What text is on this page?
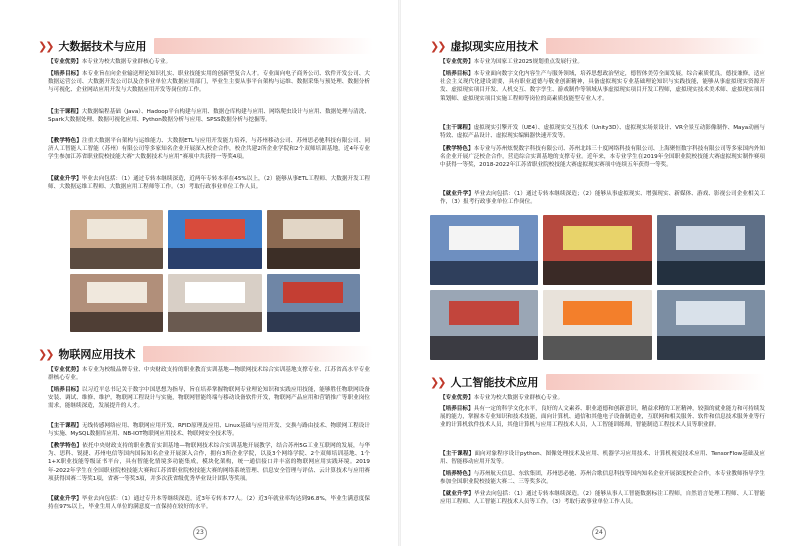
❯❯ 大数据技术与应用
【专业优势】本专业为校大数据专业群核心专业。
【培养目标】本专业旨在向企业输送理论知识扎实、职业技能实用的创新型复合人才。专业面向电子商务公司、软件开发公司、大数据运营公司、大数据开发公司以及企事业单位大数据应用部门，毕业生主要从事平台架构与运维、数据采集与预处理、数据分析与可视化、企业网站应用开发与大数据应用开发等岗位的工作。
【主干课程】大数据编程基础（Java）、Hadoop平台构建与应用、数据仓库构建与应用、网络爬虫设计与应用、数据处理与清洗、Spark大数据处理、数据可视化应用、Python数据分析与应用、SPSS数据分析与挖掘等。
【教学特色】注重大数据平台架构与运维能力、大数据ETL与应用开发能力培养，与苏州移动公司、苏州思必驰科技有限公司、同济人工智能人工智能（苏州）有限公司等多家知名企业开展深入校企合作，校企共建2所企业学院和2个双师培训基地，近4年专业学生参加江苏省职业院校技能大赛“大数据技术与应用”赛项中共获得一等奖4項。
【就业升学】毕业去向包括：（1）通过专转本继续深造，近两年专转本率在45%以上，（2）能够从事ETL工程师、大数据开发工程师、大数据运维工程师、大数据应用工程师等工作。（3）考取行政事业单位工作人员。
❯❯ 物联网应用技术
【专业优势】本专业为校级品牌专业、中央财政支持的职业教育实训基地—物联网技术综合实训基地支撑专业、江苏省高水平专业群核心专业。
【培养目标】以习近平总书记关于数字中国思想为指导，旨在培养掌握物联网专业理论知识和实践应用技能，能够胜任物联网设备安装、调试、维修、维护，物联网工程设计与实施，物联网智能终端与移动设备软件开发，物联网产品应用和营销推广等职业岗位需求，能继续深造，发展提升的人才。
【主干课程】无线传感网络应用、物联网应用开发、RFID原理及应用、Linux基础与应用开发、交换与路由技术、物联网工程设计与实施、MySQL数据库应用、NB-IOT物联网应用技术、物联网安全技术等。
【教学特色】依托中央财政支持的职业教育实训基地—物联网技术综合实训基地开展教学，结合苏州5G工业互联网的发展，与华为、思科、锐捷、苏州电信等国内国际知名企业开展深入合作，拥有3所企业学院，以及3个网络学院、2个双师培训基地、1个1+X职业技能等级证书平台，具有智能化情境多功能集成，模块化架构，统一通信接口并丰富的物联网应用实践环境。2019年-2022年学生在全国职业院校技能大赛和江苏省职业院校技能大赛的网络系统管理、信息安全管理与评估、云计算技术与应用赛项获得国赛二等奖1項，省赛一等奖3項，并多次获省级优秀毕业设计团队等奖项。
【就业升学】毕业去向包括：（1）通过专升本等继续深造，近3年专转本77人。（2）近3年就业率均达到96.8%，毕业生满意度保持在97%以上，毕业生用人单位的满意度一直保持在较好的水平。
23
❯❯ 虚拟现实应用技术
【专业优势】本专业为国家工业2025规划重点发展行业。
【培养目标】本专业面向数字文化内容生产与服务领域，培养思想政治坚定，德智体美劳全面发展，综合素质优良，德技兼修，适应社会主义现代化建设需要，具有职业道德与敬业创新精神，具备虚拟现实专业基础理论知识与实践技能，能够从事虚拟现实资源开发、虚拟现实项目开发、人机交互、数字孪生、游戏制作等领域从事虚拟现实项目开发工程师，虚拟现实技术美术师、虚拟现实项目策划师、虚拟现实项目实施工程师等岗位的高素质技能型专业人才。
【主干课程】虚拟现实引擎开发（UE4）、虚拟现实交互技术（Unity3D）、虚拟现实场景设计、VR全景互动影像制作、Maya动画与特效、虚拟产品设计、虚拟现实编辑器快速开发等。
【教学特色】本专业与苏州炫悦数字科技有限公司、苏州北纬三十度网络科技有限公司、上海聚恒数字科技有限公司等多家国内外知名企业开展广泛校企合作，营造综合实训基地的支撑专业。近年来，本专业学生在2019年全国职业院校技能大赛虚拟现实制作赛项中获得一等奖，2018-2022年江苏省职业院校技能大赛虚拟现实赛项中连续五年获得一等奖。
【就业升学】毕业去向包括：（1）通过专转本继续深造；（2）能够从事虚拟现实、增强现实、新媒体、游戏、影视公司企业相关工作，（3）报考行政事业单位工作岗位。
❯❯ 人工智能技术应用
【专业优势】本专业为校大数据专业群核心专业。
【培养目标】具有一定的科学文化水平，良好的人文素养、职业道德和创新意识，精益求精的工匠精神，较强的就业能力和可持续发展的能力，掌握本专业知识和技术技能，面向计算机、通信和其他电子设备制造业，互联网和相关服务、软件和信息技术服务业等行业的计算机软件技术人员，其他计算机与应用工程技术人员，人工智能训练师，智能制造工程技术人员等职业群。
【主干课程】面向对象程序设计python、图像处理技术及应用、机器学习应用技术、计算机视觉技术应用、TensorFlow基础及应用、智能移动应用开发等。
【培养特色】与苏州航天信息、东软集团，苏州思必驰、苏州合歌信息科技等国内知名企业开展深度校企合作，本专业教师指导学生参加全国职业院校技能大赛二、三等奖多次。
【就业升学】毕业去向包括：（1）通过专转本继续深造。（2）能够从事人工智能数据标注工程师，自然语言处理工程师、人工智能应用工程师、人工智能工程技术人员等工作。（3）考取行政事业单位工作人员。
24
